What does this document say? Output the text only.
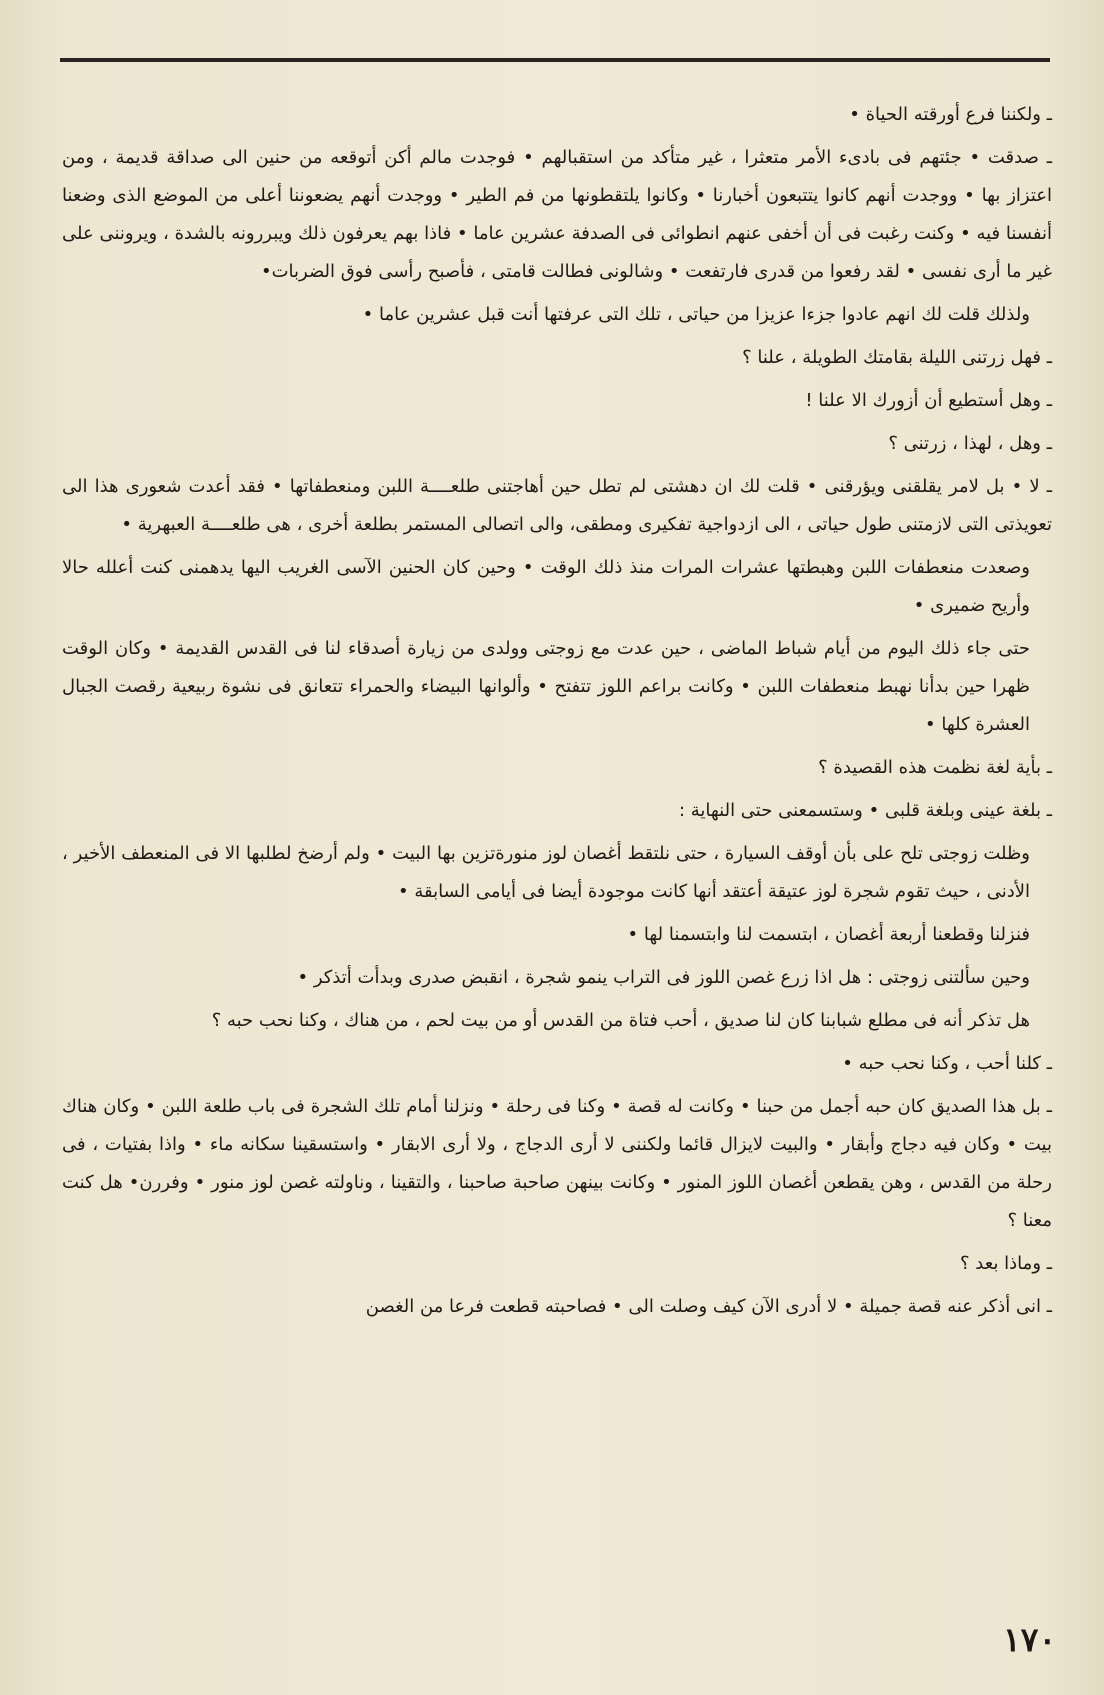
ـ ولكننا فرع أورقته الحياة •

ـ صدقت • جئتهم فى بادىء الأمر متعثرا ، غير متأكد من استقبالهم • فوجدت مالم أكن أتوقعه من حنين الى صداقة قديمة ، ومن اعتزاز بها • ووجدت أنهم كانوا يتتبعون أخبارنا • وكانوا يلتقطونها من فم الطير • ووجدت أنهم يضعوننا أعلى من الموضع الذى وضعنا أنفسنا فيه • وكنت رغبت فى أن أخفى عنهم انطوائى فى الصدفة عشرين عاما • فاذا بهم يعرفون ذلك ويبررونه بالشدة ، ويروننى على غير ما أرى نفسى • لقد رفعوا من قدرى فارتفعت • وشالونى فطالت قامتى ، فأصبح رأسى فوق الضربات•

ولذلك قلت لك انهم عادوا جزءا عزيزا من حياتى ، تلك التى عرفتها أنت قبل عشرين عاما •

ـ فهل زرتنى الليلة بقامتك الطويلة ، علنا ؟

ـ وهل أستطيع أن أزورك الا علنا !

ـ وهل ، لهذا ، زرتنى ؟

ـ لا • بل لامر يقلقنى ويؤرقنى • قلت لك ان دهشتى لم تطل حين أهاجتنى طلعــــة اللبن ومنعطفاتها • فقد أعدت شعورى هذا الى تعويذتى التى لازمتنى طول حياتى ، الى ازدواجية تفكيرى ومطقى، والى اتصالى المستمر بطلعة أخرى ، هى طلعــــة العبهرية •

وصعدت منعطفات اللبن وهبطتها عشرات المرات منذ ذلك الوقت • وحين كان الحنين الآسى الغريب اليها يدهمنى كنت أعلله حالا وأريح ضميرى •

حتى جاء ذلك اليوم من أيام شباط الماضى ، حين عدت مع زوجتى وولدى من زيارة أصدقاء لنا فى القدس القديمة • وكان الوقت ظهرا حين بدأنا نهبط منعطفات اللبن • وكانت براعم اللوز تتفتح • وألوانها البيضاء والحمراء تتعانق فى نشوة ربيعية رقصت الجبال العشرة كلها •

ـ بأية لغة نظمت هذه القصيدة ؟

ـ بلغة عينى وبلغة قلبى • وستسمعنى حتى النهاية :

وظلت زوجتى تلح على بأن أوقف السيارة ، حتى نلتقط أغصان لوز منورةتزين بها البيت • ولم أرضخ لطلبها الا فى المنعطف الأخير ، الأدنى ، حيث تقوم شجرة لوز عتيقة أعتقد أنها كانت موجودة أيضا فى أيامى السابقة •

فنزلنا وقطعنا أربعة أغصان ، ابتسمت لنا وابتسمنا لها •

وحين سألتنى زوجتى : هل اذا زرع غصن اللوز فى التراب ينمو شجرة ، انقبض صدرى وبدأت أتذكر •

هل تذكر أنه فى مطلع شبابنا كان لنا صديق ، أحب فتاة من القدس أو من بيت لحم ، من هناك ، وكنا نحب حبه ؟

ـ كلنا أحب ، وكنا نحب حبه •

ـ بل هذا الصديق كان حبه أجمل من حبنا • وكانت له قصة • وكنا فى رحلة • ونزلنا أمام تلك الشجرة فى باب طلعة اللبن • وكان هناك بيت • وكان فيه دجاج وأبقار • والبيت لايزال قائما ولكننى لا أرى الدجاج ، ولا أرى الابقار • واستسقينا سكانه ماء • واذا بفتيات ، فى رحلة من القدس ، وهن يقطعن أغصان اللوز المنور • وكانت بينهن صاحبة صاحبنا ، والتقينا ، وناولته غصن لوز منور • وفررن• هل كنت معنا ؟

ـ وماذا بعد ؟

ـ انى أذكر عنه قصة جميلة • لا أدرى الآن كيف وصلت الى • فصاحبته قطعت فرعا من الغصن

١٧٠
